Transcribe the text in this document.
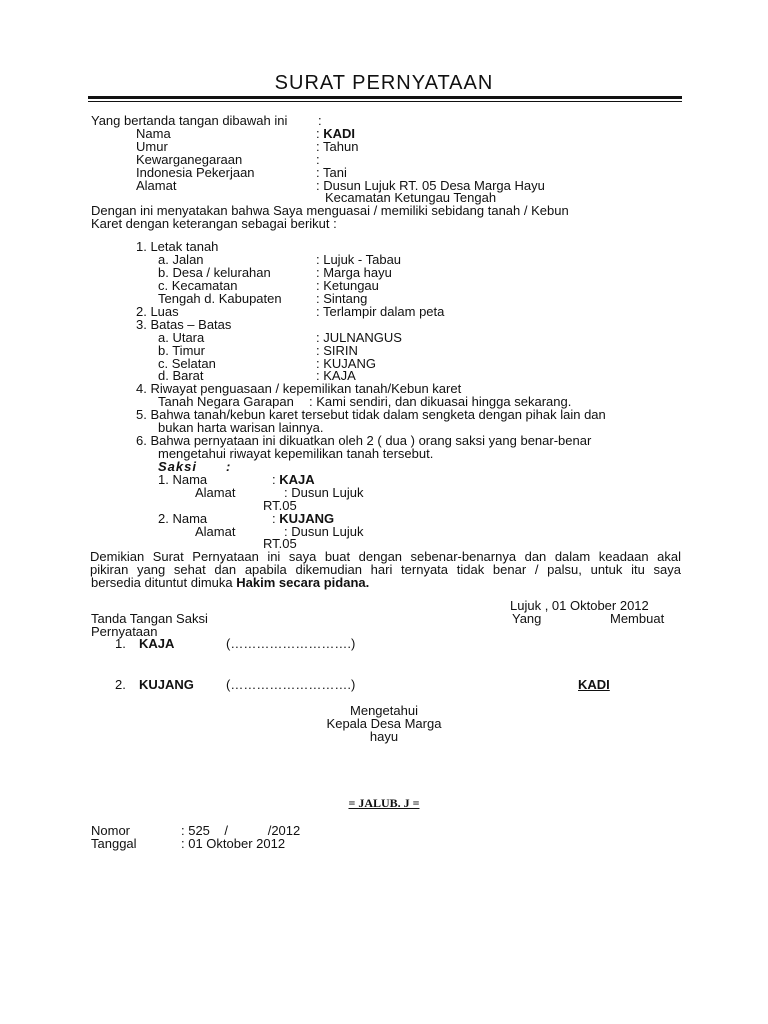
SURAT PERNYATAAN
Yang bertanda tangan dibawah ini :
Nama	: KADI
Umur	: Tahun
Kewarganegaraan	:
Indonesia Pekerjaan	: Tani
Alamat	: Dusun Lujuk RT. 05 Desa Marga Hayu
Kecamatan Ketungau Tengah
Dengan ini menyatakan bahwa Saya menguasai / memiliki sebidang tanah / Kebun
Karet dengan keterangan sebagai berikut :
1. Letak tanah
a. Jalan	: Lujuk - Tabau
b. Desa / kelurahan	: Marga hayu
c. Kecamatan	: Ketungau
Tengah d. Kabupaten	: Sintang
2. Luas	: Terlampir dalam peta
3. Batas – Batas
a. Utara	: JULNANGUS
b. Timur	: SIRIN
c. Selatan	: KUJANG
d. Barat	: KAJA
4. Riwayat penguasaan / kepemilikan tanah/Kebun karet
Tanah Negara Garapan : Kami sendiri, dan dikuasai hingga sekarang.
5. Bahwa tanah/kebun karet tersebut tidak dalam sengketa dengan pihak lain dan
bukan harta warisan lainnya.
6. Bahwa pernyataan ini dikuatkan oleh 2 ( dua ) orang saksi yang benar-benar
mengetahui riwayat kepemilikan tanah tersebut.
Saksi :
1. Nama	: KAJA
Alamat	: Dusun Lujuk
RT.05
2. Nama	: KUJANG
Alamat	: Dusun Lujuk
RT.05
Demikian Surat Pernyataan ini saya buat dengan sebenar-benarnya dan dalam keadaan akal
pikiran yang sehat dan apabila dikemudian hari ternyata tidak benar / palsu, untuk itu saya
bersedia dituntut dimuka Hakim secara pidana.
Lujuk , 01 Oktober 2012
Tanda Tangan Saksi	Yang	Membuat
Pernyataan
1. KAJA	(……………………….)
2. KUJANG (……………………….)	KADI
Mengetahui
Kepala Desa Marga
hayu
= JALUB. J =
Nomor	: 525    /           /2012
Tanggal	: 01 Oktober 2012
